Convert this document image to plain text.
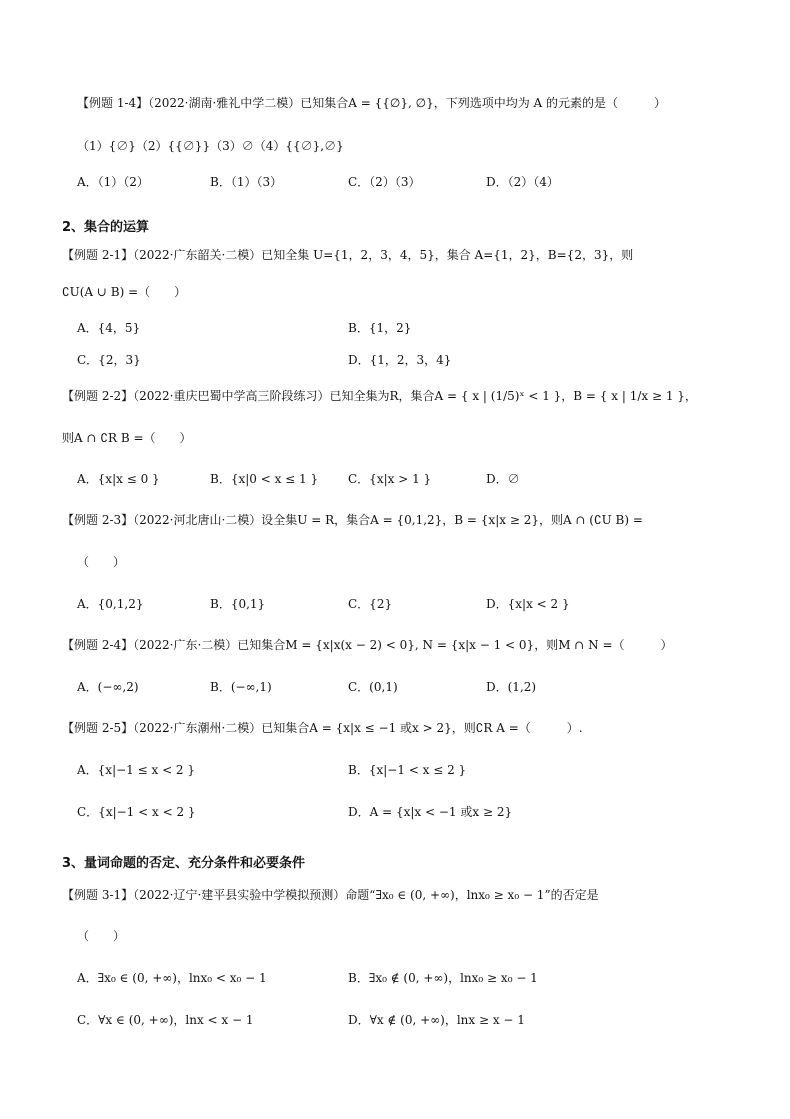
【例题 1-4】（2022·湖南·雅礼中学二模）已知集合A = {{∅}, ∅}，下列选项中均为 A 的元素的是（　　　）
（1）{∅}（2）{{∅}}（3）∅（4）{{∅},∅}
A．（1）（2）	B．（1）（3）	C．（2）（3）	D．（2）（4）
2、集合的运算
【例题 2-1】（2022·广东韶关·二模）已知全集 U={1，2，3，4，5}，集合 A={1，2}，B={2，3}，则
∁U(A ∪ B) =（　　）
A．{4，5}	B．{1，2}
C．{2，3}	D．{1，2，3，4}
【例题 2-2】（2022·重庆巴蜀中学高三阶段练习）已知全集为R，集合A = { x | (1/5)ˣ < 1 }，B = { x | 1/x ≥ 1 }，
则A ∩ ∁R B =（　　）
A．{x|x ≤ 0 }	B．{x|0 < x ≤ 1 } C．{x|x > 1 }	D．∅
【例题 2-3】（2022·河北唐山·二模）设全集U = R，集合A = {0,1,2}，B = {x|x ≥ 2}，则A ∩ (∁U B) =
（　　）
A．{0,1,2}	B．{0,1}	C．{2}	D．{x|x < 2 }
【例题 2-4】（2022·广东·二模）已知集合M = {x|x(x − 2) < 0}, N = {x|x − 1 < 0}，则M ∩ N =（　　　）
A．(−∞,2)	B．(−∞,1)	C．(0,1)	D．(1,2)
【例题 2-5】（2022·广东潮州·二模）已知集合A = {x|x ≤ −1 或x > 2}，则∁R A =（　　　）.
A．{x|−1 ≤ x < 2 }	B．{x|−1 < x ≤ 2 }
C．{x|−1 < x < 2 }	D．A = {x|x < −1 或x ≥ 2}
3、量词命题的否定、充分条件和必要条件
【例题 3-1】（2022·辽宁·建平县实验中学模拟预测）命题“∃x₀ ∈ (0, +∞)，lnx₀ ≥ x₀ − 1”的否定是
（　　）
A．∃x₀ ∈ (0, +∞)，lnx₀ < x₀ − 1	B．∃x₀ ∉ (0, +∞)，lnx₀ ≥ x₀ − 1
C．∀x ∈ (0, +∞)，lnx < x − 1	D．∀x ∉ (0, +∞)，lnx ≥ x − 1
